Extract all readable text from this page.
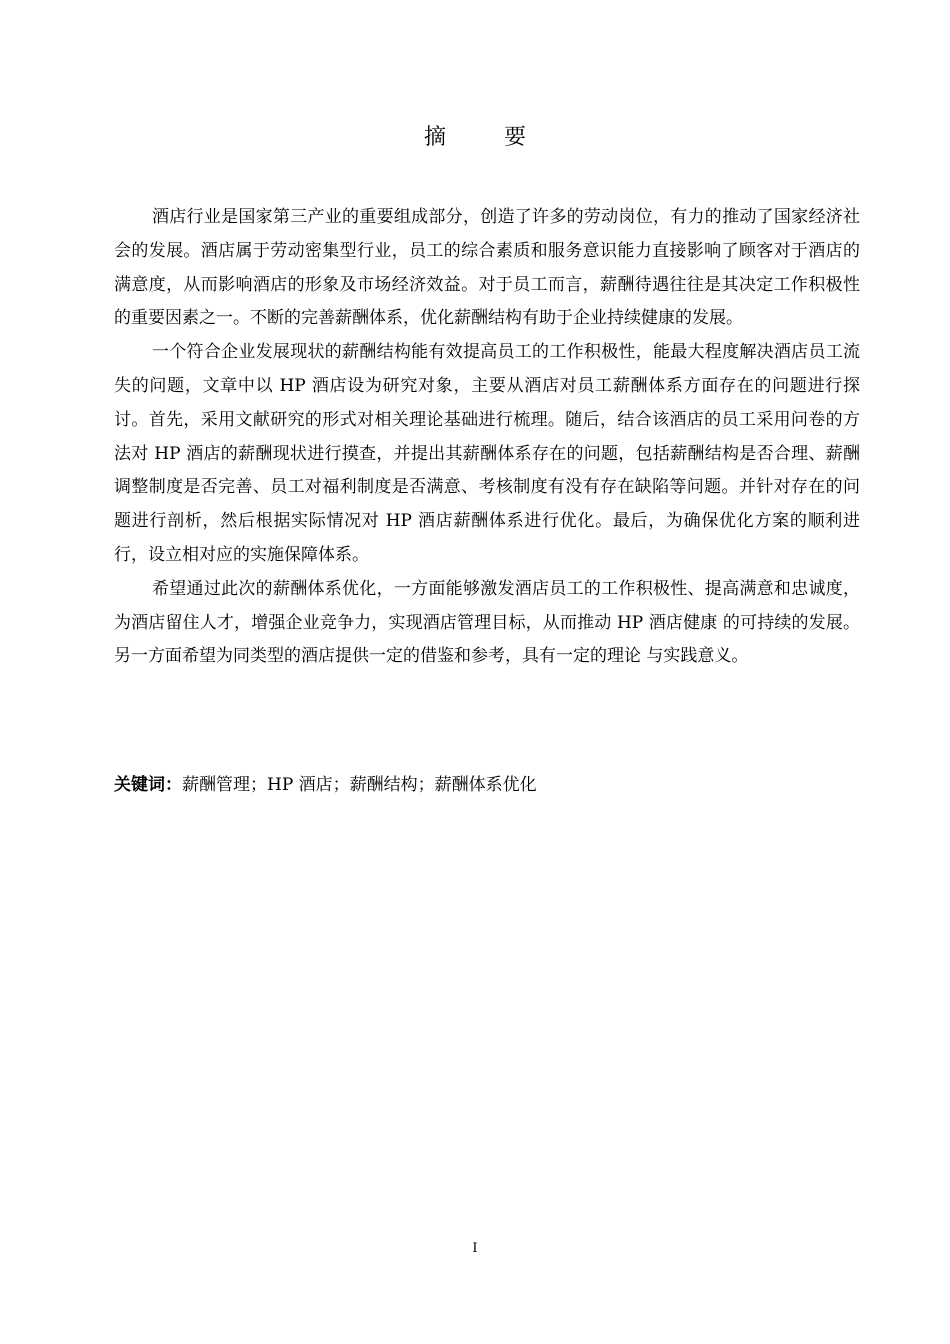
摘　要

酒店行业是国家第三产业的重要组成部分，创造了许多的劳动岗位，有力的推动了国家经济社会的发展。酒店属于劳动密集型行业，员工的综合素质和服务意识能力直接影响了顾客对于酒店的满意度，从而影响酒店的形象及市场经济效益。对于员工而言，薪酬待遇往往是其决定工作积极性的重要因素之一。不断的完善薪酬体系，优化薪酬结构有助于企业持续健康的发展。

一个符合企业发展现状的薪酬结构能有效提高员工的工作积极性，能最大程度解决酒店员工流失的问题，文章中以 HP 酒店设为研究对象，主要从酒店对员工薪酬体系方面存在的问题进行探讨。首先，采用文献研究的形式对相关理论基础进行梳理。随后，结合该酒店的员工采用问卷的方法对 HP 酒店的薪酬现状进行摸查，并提出其薪酬体系存在的问题，包括薪酬结构是否合理、薪酬调整制度是否完善、员工对福利制度是否满意、考核制度有没有存在缺陷等问题。并针对存在的问题进行剖析，然后根据实际情况对 HP 酒店薪酬体系进行优化。最后，为确保优化方案的顺利进行，设立相对应的实施保障体系。

希望通过此次的薪酬体系优化，一方面能够激发酒店员工的工作积极性、提高满意和忠诚度，为酒店留住人才，增强企业竞争力，实现酒店管理目标，从而推动 HP 酒店健康 的可持续的发展。另一方面希望为同类型的酒店提供一定的借鉴和参考，具有一定的理论 与实践意义。

关键词：薪酬管理；HP 酒店；薪酬结构；薪酬体系优化
I
